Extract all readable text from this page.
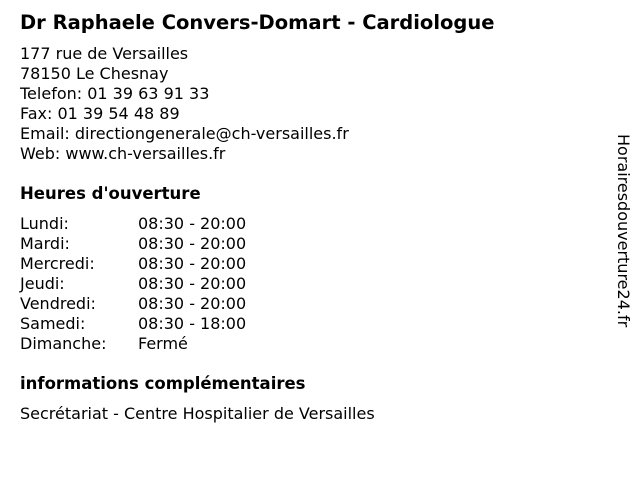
Dr Raphaele Convers-Domart - Cardiologue
177 rue de Versailles
78150 Le Chesnay
Telefon: 01 39 63 91 33
Fax: 01 39 54 48 89
Email: directiongenerale@ch-versailles.fr
Web: www.ch-versailles.fr
Heures d'ouverture
Lundi:	08:30 - 20:00
Mardi:	08:30 - 20:00
Mercredi:	08:30 - 20:00
Jeudi:	08:30 - 20:00
Vendredi:	08:30 - 20:00
Samedi:	08:30 - 18:00
Dimanche: Fermé
informations complémentaires
Secrétariat - Centre Hospitalier de Versailles
Horairesdouverture24.fr
